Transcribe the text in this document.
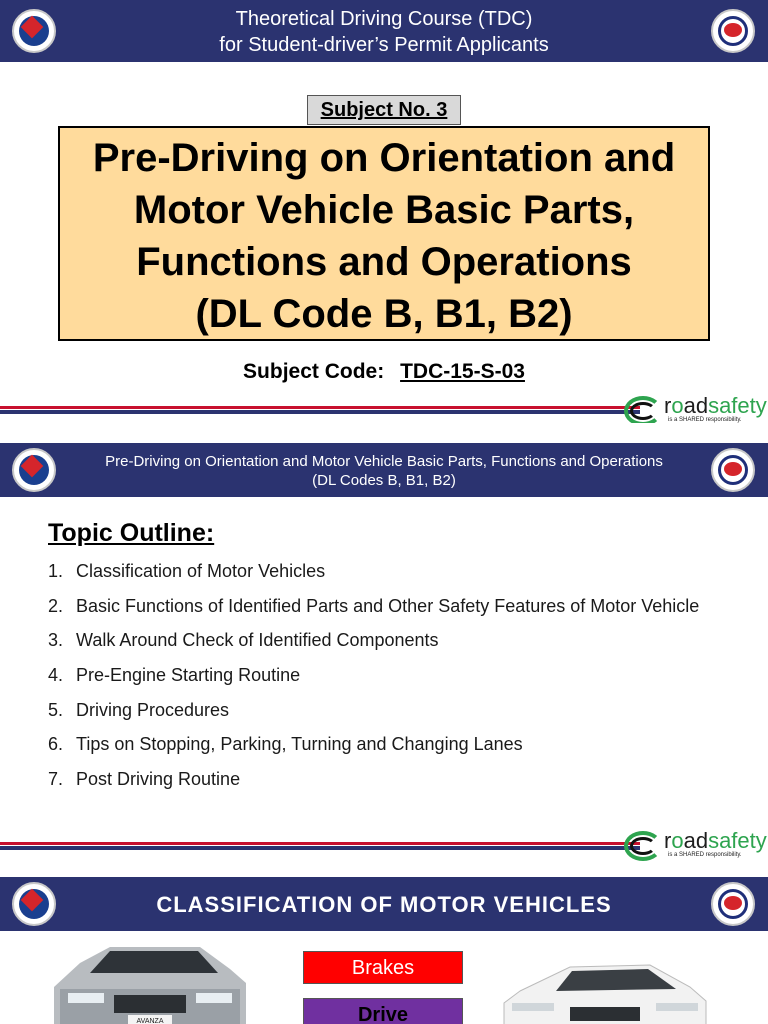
Theoretical Driving Course (TDC)
for Student-driver’s Permit Applicants
Subject No. 3
Pre-Driving on Orientation and
Motor Vehicle Basic Parts,
Functions and Operations
(DL Code B, B1, B2)
Subject Code: TDC-15-S-03
roadsafety
is a SHARED responsibility.
Pre-Driving on Orientation and Motor Vehicle Basic Parts, Functions and Operations
(DL Codes B, B1, B2)
Topic Outline:
1. Classification of Motor Vehicles
2. Basic Functions of Identified Parts and Other Safety Features of Motor Vehicle
3. Walk Around Check of Identified Components
4. Pre-Engine Starting Routine
5. Driving Procedures
6. Tips on Stopping, Parking, Turning and Changing Lanes
7. Post Driving Routine
roadsafety
is a SHARED responsibility.
CLASSIFICATION OF MOTOR VEHICLES
AVANZA
Brakes
Drive
